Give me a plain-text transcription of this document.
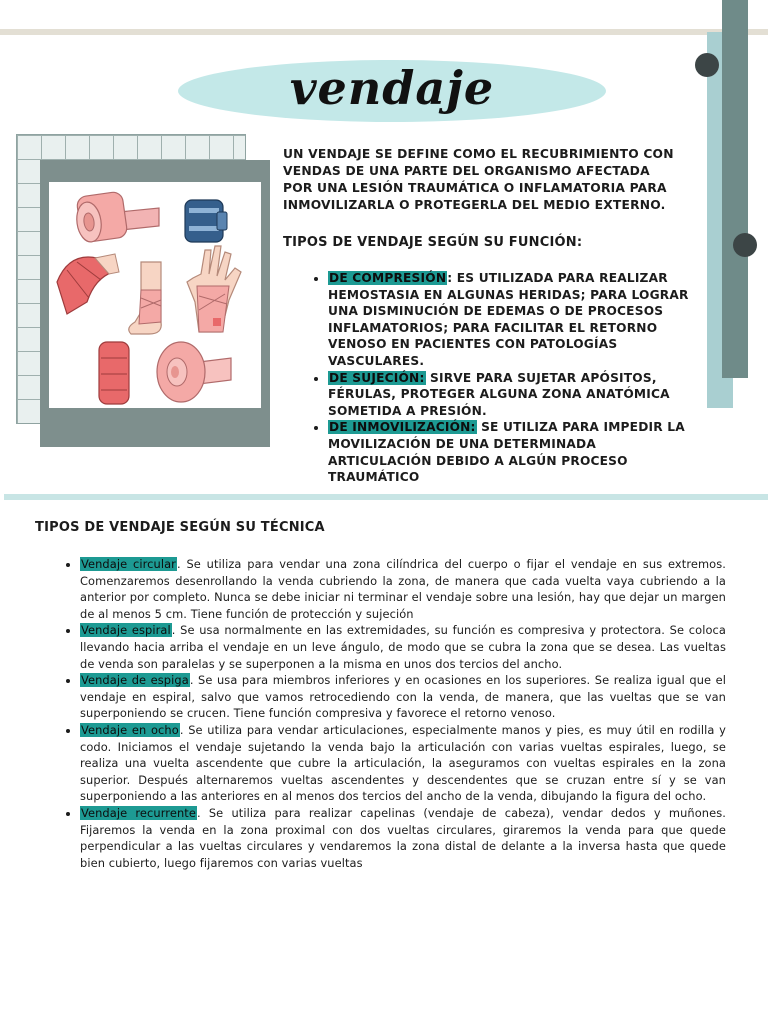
vendaje

UN VENDAJE SE DEFINE COMO EL RECUBRIMIENTO CON VENDAS DE UNA PARTE DEL ORGANISMO AFECTADA POR UNA LESIÓN TRAUMÁTICA O INFLAMATORIA PARA INMOVILIZARLA O PROTEGERLA DEL MEDIO EXTERNO.

TIPOS DE VENDAJE SEGÚN SU FUNCIÓN:
• DE COMPRESIÓN: ES UTILIZADA PARA REALIZAR HEMOSTASIA EN ALGUNAS HERIDAS; PARA LOGRAR UNA DISMINUCIÓN DE EDEMAS O DE PROCESOS INFLAMATORIOS; PARA FACILITAR EL RETORNO VENOSO EN PACIENTES CON PATOLOGÍAS VASCULARES.
• DE SUJECIÓN: SIRVE PARA SUJETAR APÓSITOS, FÉRULAS, PROTEGER ALGUNA ZONA ANATÓMICA SOMETIDA A PRESIÓN.
• DE INMOVILIZACIÓN: SE UTILIZA PARA IMPEDIR LA MOVILIZACIÓN DE UNA DETERMINADA ARTICULACIÓN DEBIDO A ALGÚN PROCESO TRAUMÁTICO
TIPOS DE VENDAJE SEGÚN SU TÉCNICA
• Vendaje circular. Se utiliza para vendar una zona cilíndrica del cuerpo o fijar el vendaje en sus extremos. Comenzaremos desenrollando la venda cubriendo la zona, de manera que cada vuelta vaya cubriendo a la anterior por completo. Nunca se debe iniciar ni terminar el vendaje sobre una lesión, hay que dejar un margen de al menos 5 cm. Tiene función de protección y sujeción
• Vendaje espiral. Se usa normalmente en las extremidades, su función es compresiva y protectora. Se coloca llevando hacia arriba el vendaje en un leve ángulo, de modo que se cubra la zona que se desea. Las vueltas de venda son paralelas y se superponen a la misma en unos dos tercios del ancho.
• Vendaje de espiga. Se usa para miembros inferiores y en ocasiones en los superiores. Se realiza igual que el vendaje en espiral, salvo que vamos retrocediendo con la venda, de manera, que las vueltas que se van superponiendo se crucen. Tiene función compresiva y favorece el retorno venoso.
• Vendaje en ocho. Se utiliza para vendar articulaciones, especialmente manos y pies, es muy útil en rodilla y codo. Iniciamos el vendaje sujetando la venda bajo la articulación con varias vueltas espirales, luego, se realiza una vuelta ascendente que cubre la articulación, la aseguramos con vueltas espirales en la zona superior. Después alternaremos vueltas ascendentes y descendentes que se cruzan entre sí y se van superponiendo a las anteriores en al menos dos tercios del ancho de la venda, dibujando la figura del ocho.
• Vendaje recurrente. Se utiliza para realizar capelinas (vendaje de cabeza), vendar dedos y muñones. Fijaremos la venda en la zona proximal con dos vueltas circulares, giraremos la venda para que quede perpendicular a las vueltas circulares y vendaremos la zona distal de delante a la inversa hasta que quede bien cubierto, luego fijaremos con varias vueltas
